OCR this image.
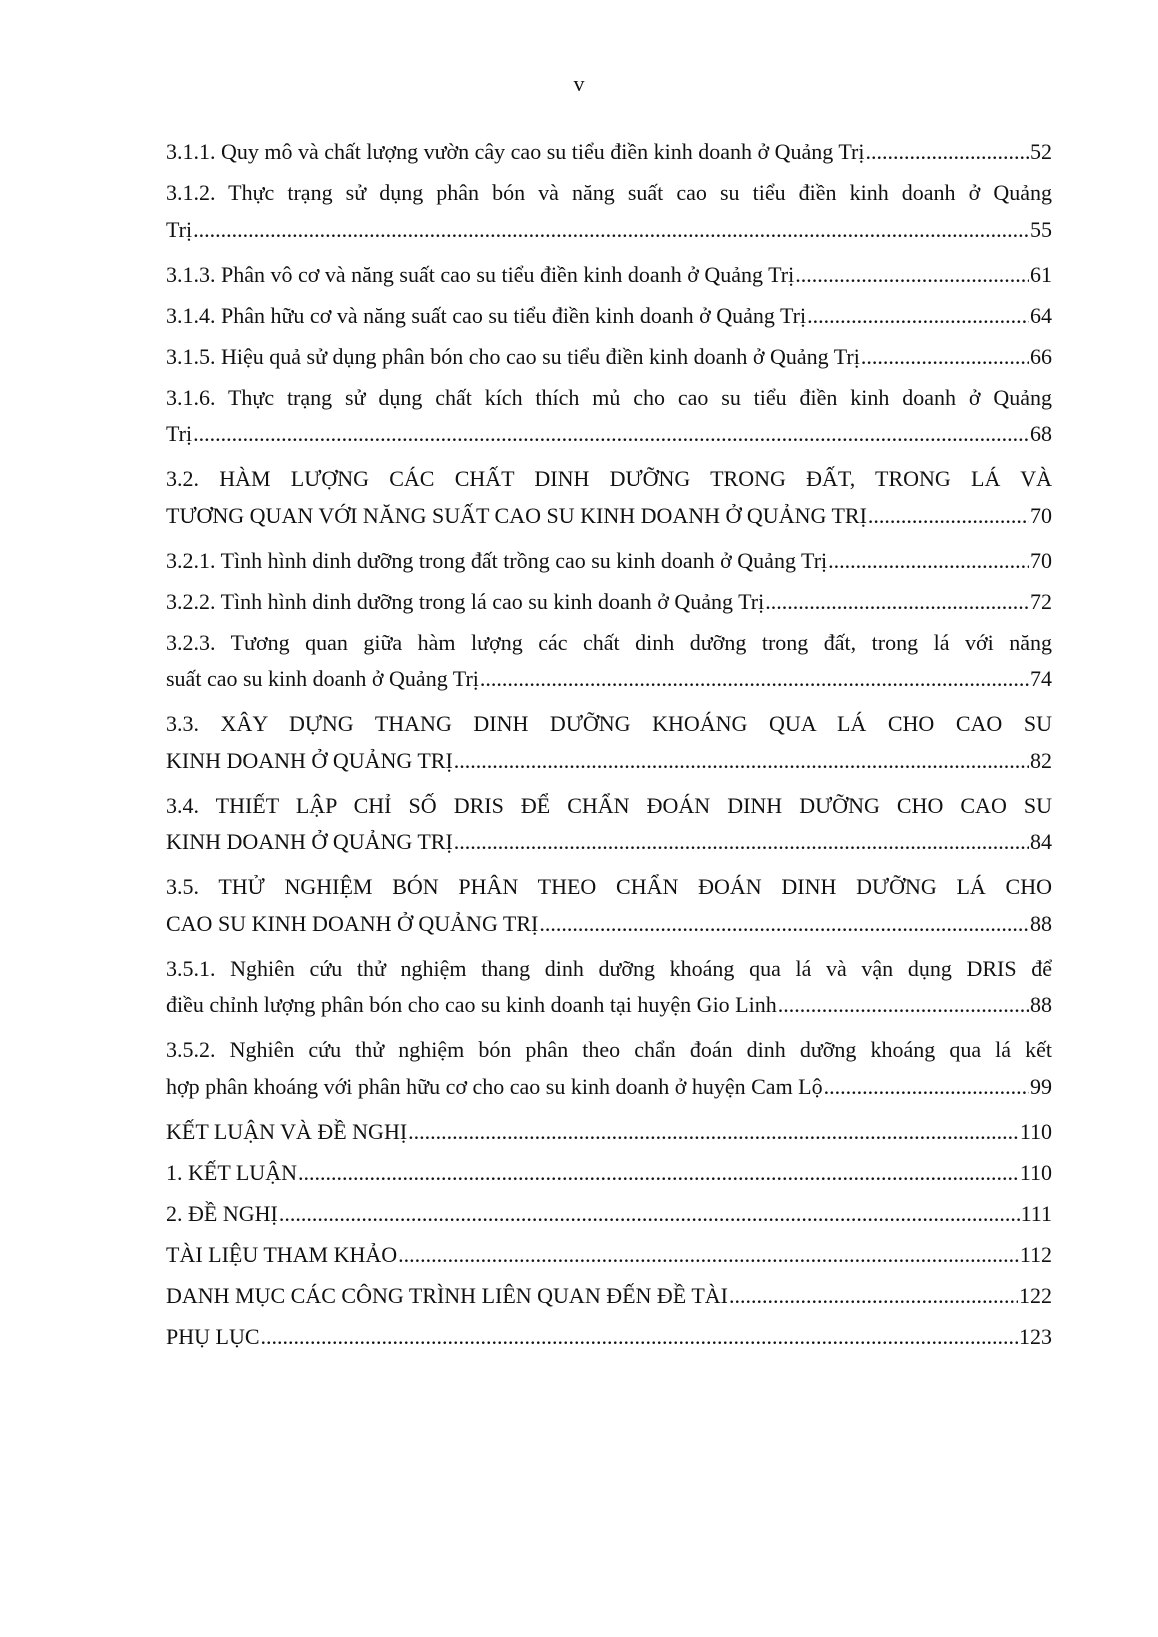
v
3.1.1. Quy mô và chất lượng vườn cây cao su tiểu điền kinh doanh ở Quảng Trị .....	52
3.1.2. Thực trạng sử dụng phân bón và năng suất cao su tiểu điền kinh doanh ở Quảng
Trị .....	55
3.1.3. Phân vô cơ và năng suất cao su tiểu điền kinh doanh ở Quảng Trị .....	61
3.1.4. Phân hữu cơ và năng suất cao su tiểu điền kinh doanh ở Quảng Trị .....	64
3.1.5. Hiệu quả sử dụng phân bón cho cao su tiểu điền kinh doanh ở Quảng Trị .....	66
3.1.6. Thực trạng sử dụng chất kích thích mủ cho cao su tiểu điền kinh doanh ở Quảng
Trị .....	68
3.2. HÀM LƯỢNG CÁC CHẤT DINH DƯỠNG TRONG ĐẤT, TRONG LÁ VÀ
TƯƠNG QUAN VỚI NĂNG SUẤT CAO SU KINH DOANH Ở QUẢNG TRỊ .....	70
3.2.1. Tình hình dinh dưỡng trong đất trồng cao su kinh doanh ở Quảng Trị .....	70
3.2.2. Tình hình dinh dưỡng trong lá cao su kinh doanh ở Quảng Trị .....	72
3.2.3. Tương quan giữa hàm lượng các chất dinh dưỡng trong đất, trong lá với năng
suất cao su kinh doanh ở Quảng Trị .....	74
3.3. XÂY DỰNG THANG DINH DƯỠNG KHOÁNG QUA LÁ CHO CAO SU
KINH DOANH Ở QUẢNG TRỊ .....	82
3.4. THIẾT LẬP CHỈ SỐ DRIS ĐỂ CHẨN ĐOÁN DINH DƯỠNG CHO CAO SU
KINH DOANH Ở QUẢNG TRỊ .....	84
3.5. THỬ NGHIỆM BÓN PHÂN THEO CHẨN ĐOÁN DINH DƯỠNG LÁ CHO
CAO SU KINH DOANH Ở QUẢNG TRỊ .....	88
3.5.1. Nghiên cứu thử nghiệm thang dinh dưỡng khoáng qua lá và vận dụng DRIS để
điều chỉnh lượng phân bón cho cao su kinh doanh tại huyện Gio Linh .....	88
3.5.2. Nghiên cứu thử nghiệm bón phân theo chẩn đoán dinh dưỡng khoáng qua lá kết
hợp phân khoáng với phân hữu cơ cho cao su kinh doanh ở huyện Cam Lộ .....	99
KẾT LUẬN VÀ ĐỀ NGHỊ .....	110
1. KẾT LUẬN .....	110
2. ĐỀ NGHỊ .....	111
TÀI LIỆU THAM KHẢO .....	112
DANH MỤC CÁC CÔNG TRÌNH LIÊN QUAN ĐẾN ĐỀ TÀI .....	122
PHỤ LỤC .....	123
